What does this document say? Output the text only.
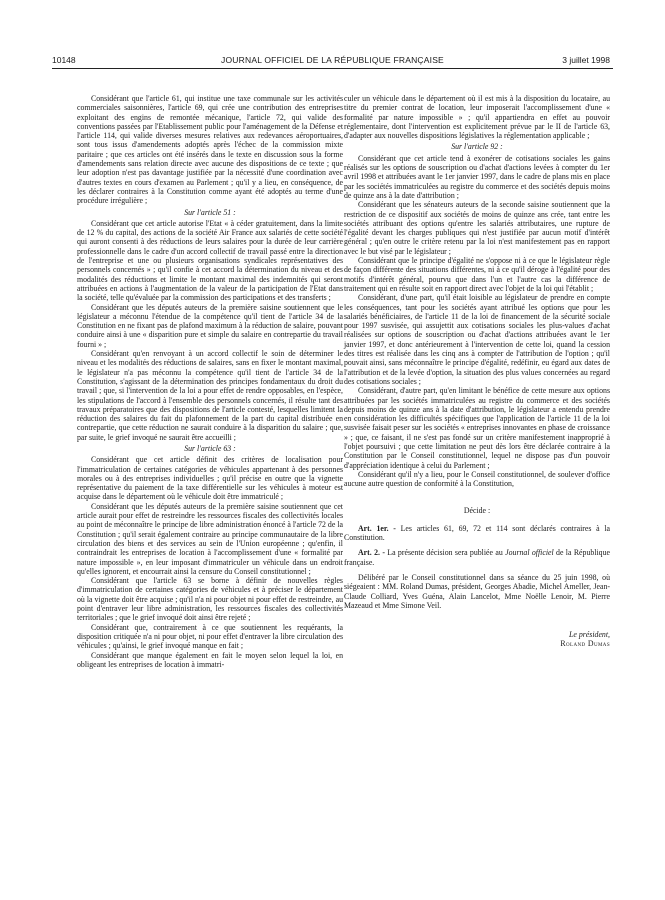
10148	JOURNAL OFFICIEL DE LA RÉPUBLIQUE FRANÇAISE	3 juillet 1998

Considérant que l'article 61, qui institue une taxe communale sur les activités commerciales saisonnières, l'article 69, qui crée une contribution des entreprises exploitant des engins de remontée mécanique, l'article 72, qui valide des conventions passées par l'Etablissement public pour l'aménagement de la Défense et l'article 114, qui valide diverses mesures relatives aux redevances aéroportuaires, sont tous issus d'amendements adoptés après l'échec de la commission mixte paritaire ; que ces articles ont été insérés dans le texte en discussion sous la forme d'amendements sans relation directe avec aucune des dispositions de ce texte ; que leur adoption n'est pas davantage justifiée par la nécessité d'une coordination avec d'autres textes en cours d'examen au Parlement ; qu'il y a lieu, en conséquence, de les déclarer contraires à la Constitution comme ayant été adoptés au terme d'une procédure irrégulière ;

Sur l'article 51 :

Considérant que cet article autorise l'Etat « à céder gratuitement, dans la limite de 12 % du capital, des actions de la société Air France aux salariés de cette société qui auront consenti à des réductions de leurs salaires pour la durée de leur carrière professionnelle dans le cadre d'un accord collectif de travail passé entre la direction de l'entreprise et une ou plusieurs organisations syndicales représentatives des personnels concernés » ; qu'il confie à cet accord la détermination du niveau et des modalités des réductions et limite le montant maximal des indemnités qui seront attribuées en actions à l'augmentation de la valeur de la participation de l'Etat dans la société, telle qu'évaluée par la commission des participations et des transferts ;

Considérant que les députés auteurs de la première saisine soutiennent que le législateur a méconnu l'étendue de la compétence qu'il tient de l'article 34 de la Constitution en ne fixant pas de plafond maximum à la réduction de salaire, pouvant conduire ainsi à une « disparition pure et simple du salaire en contrepartie du travail fourni » ;

Considérant qu'en renvoyant à un accord collectif le soin de déterminer le niveau et les modalités des réductions de salaires, sans en fixer le montant maximal, le législateur n'a pas méconnu la compétence qu'il tient de l'article 34 de la Constitution, s'agissant de la détermination des principes fondamentaux du droit du travail ; que, si l'intervention de la loi a pour effet de rendre opposables, en l'espèce, les stipulations de l'accord à l'ensemble des personnels concernés, il résulte tant des travaux préparatoires que des dispositions de l'article contesté, lesquelles limitent la réduction des salaires du fait du plafonnement de la part du capital distribuée en contrepartie, que cette réduction ne saurait conduire à la disparition du salaire ; que, par suite, le grief invoqué ne saurait être accueilli ;

Sur l'article 63 :

Considérant que cet article définit des critères de localisation pour l'immatriculation de certaines catégories de véhicules appartenant à des personnes morales ou à des entreprises individuelles ; qu'il précise en outre que la vignette représentative du paiement de la taxe différentielle sur les véhicules à moteur est acquise dans le département où le véhicule doit être immatriculé ;

Considérant que les députés auteurs de la première saisine soutiennent que cet article aurait pour effet de restreindre les ressources fiscales des collectivités locales au point de méconnaître le principe de libre administration énoncé à l'article 72 de la Constitution ; qu'il serait également contraire au principe communautaire de la libre circulation des biens et des services au sein de l'Union européenne ; qu'enfin, il contraindrait les entreprises de location à l'accomplissement d'une « formalité par nature impossible », en leur imposant d'immatriculer un véhicule dans un endroit qu'elles ignorent, et encourrait ainsi la censure du Conseil constitutionnel ;

Considérant que l'article 63 se borne à définir de nouvelles règles d'immatriculation de certaines catégories de véhicules et à préciser le département où la vignette doit être acquise ; qu'il n'a ni pour objet ni pour effet de restreindre, au point d'entraver leur libre administration, les ressources fiscales des collectivités territoriales ; que le grief invoqué doit ainsi être rejeté ;

Considérant que, contrairement à ce que soutiennent les requérants, la disposition critiquée n'a ni pour objet, ni pour effet d'entraver la libre circulation des véhicules ; qu'ainsi, le grief invoqué manque en fait ;

Considérant que manque également en fait le moyen selon lequel la loi, en obligeant les entreprises de location à immatri-

culer un véhicule dans le département où il est mis à la disposition du locataire, au titre du premier contrat de location, leur imposerait l'accomplissement d'une « formalité par nature impossible » ; qu'il appartiendra en effet au pouvoir réglementaire, dont l'intervention est explicitement prévue par le II de l'article 63, d'adapter aux nouvelles dispositions législatives la réglementation applicable ;

Sur l'article 92 :

Considérant que cet article tend à exonérer de cotisations sociales les gains réalisés sur les options de souscription ou d'achat d'actions levées à compter du 1er avril 1998 et attribuées avant le 1er janvier 1997, dans le cadre de plans mis en place par les sociétés immatriculées au registre du commerce et des sociétés depuis moins de quinze ans à la date d'attribution ;

Considérant que les sénateurs auteurs de la seconde saisine soutiennent que la restriction de ce dispositif aux sociétés de moins de quinze ans crée, tant entre les sociétés attribuant des options qu'entre les salariés attributaires, une rupture de l'égalité devant les charges publiques qui n'est justifiée par aucun motif d'intérêt général ; qu'en outre le critère retenu par la loi n'est manifestement pas en rapport avec le but visé par le législateur ;

Considérant que le principe d'égalité ne s'oppose ni à ce que le législateur règle de façon différente des situations différentes, ni à ce qu'il déroge à l'égalité pour des motifs d'intérêt général, pourvu que dans l'un et l'autre cas la différence de traitement qui en résulte soit en rapport direct avec l'objet de la loi qui l'établit ;

Considérant, d'une part, qu'il était loisible au législateur de prendre en compte les conséquences, tant pour les sociétés ayant attribué les options que pour les salariés bénéficiaires, de l'article 11 de la loi de financement de la sécurité sociale pour 1997 susvisée, qui assujettit aux cotisations sociales les plus-values d'achat réalisées sur options de souscription ou d'achat d'actions attribuées avant le 1er janvier 1997, et donc antérieurement à l'intervention de cette loi, quand la cession des titres est réalisée dans les cinq ans à compter de l'attribution de l'option ; qu'il pouvait ainsi, sans méconnaître le principe d'égalité, redéfinir, eu égard aux dates de l'attribution et de la levée d'option, la situation des plus values concernées au regard des cotisations sociales ;

Considérant, d'autre part, qu'en limitant le bénéfice de cette mesure aux options attribuées par les sociétés immatriculées au registre du commerce et des sociétés depuis moins de quinze ans à la date d'attribution, le législateur a entendu prendre en considération les difficultés spécifiques que l'application de l'article 11 de la loi susvisée faisait peser sur les sociétés « entreprises innovantes en phase de croissance » ; que, ce faisant, il ne s'est pas fondé sur un critère manifestement inapproprié à l'objet poursuivi ; que cette limitation ne peut dès lors être déclarée contraire à la Constitution par le Conseil constitutionnel, lequel ne dispose pas d'un pouvoir d'appréciation identique à celui du Parlement ;

Considérant qu'il n'y a lieu, pour le Conseil constitutionnel, de soulever d'office aucune autre question de conformité à la Constitution,

Décide :

Art. 1er. - Les articles 61, 69, 72 et 114 sont déclarés contraires à la Constitution.

Art. 2. - La présente décision sera publiée au Journal officiel de la République française.

Délibéré par le Conseil constitutionnel dans sa séance du 25 juin 1998, où siégeaient : MM. Roland Dumas, président, Georges Abadie, Michel Ameller, Jean-Claude Colliard, Yves Guéna, Alain Lancelot, Mme Noëlle Lenoir, M. Pierre Mazeaud et Mme Simone Veil.

Le président,
Roland Dumas
